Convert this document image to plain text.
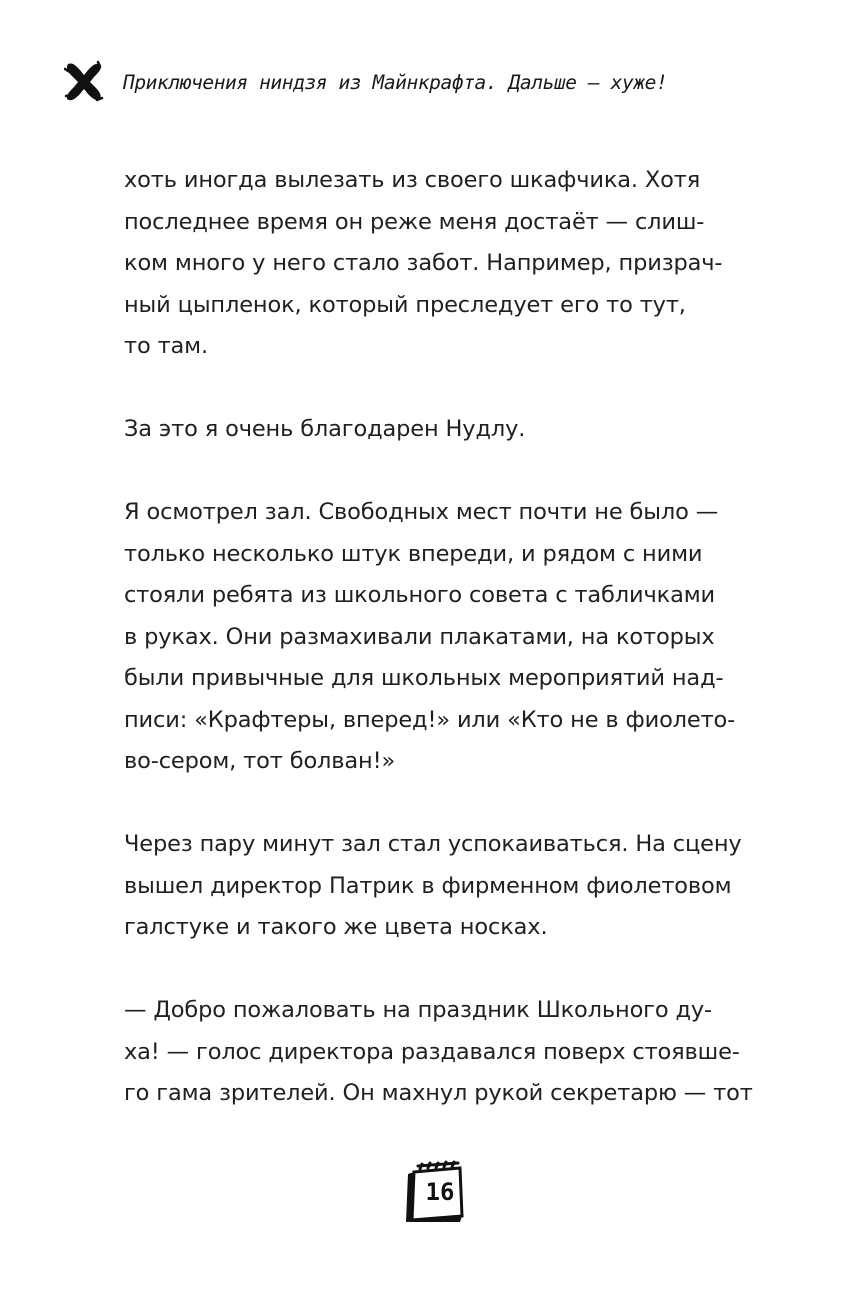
Приключения ниндзя из Майнкрафта. Дальше — хуже!
хоть иногда вылезать из своего шкафчика. Хотя
последнее время он реже меня достаёт — слиш-
ком много у него стало забот. Например, призрач-
ный цыпленок, который преследует его то тут,
то там.
За это я очень благодарен Нудлу.
Я осмотрел зал. Свободных мест почти не было —
только несколько штук впереди, и рядом с ними
стояли ребята из школьного совета с табличками
в руках. Они размахивали плакатами, на которых
были привычные для школьных мероприятий над-
писи: «Крафтеры, вперед!» или «Кто не в фиолето-
во-сером, тот болван!»
Через пару минут зал стал успокаиваться. На сцену
вышел директор Патрик в фирменном фиолетовом
галстуке и такого же цвета носках.
— Добро пожаловать на праздник Школьного ду-
ха! — голос директора раздавался поверх стоявше-
го гама зрителей. Он махнул рукой секретарю — тот
16
